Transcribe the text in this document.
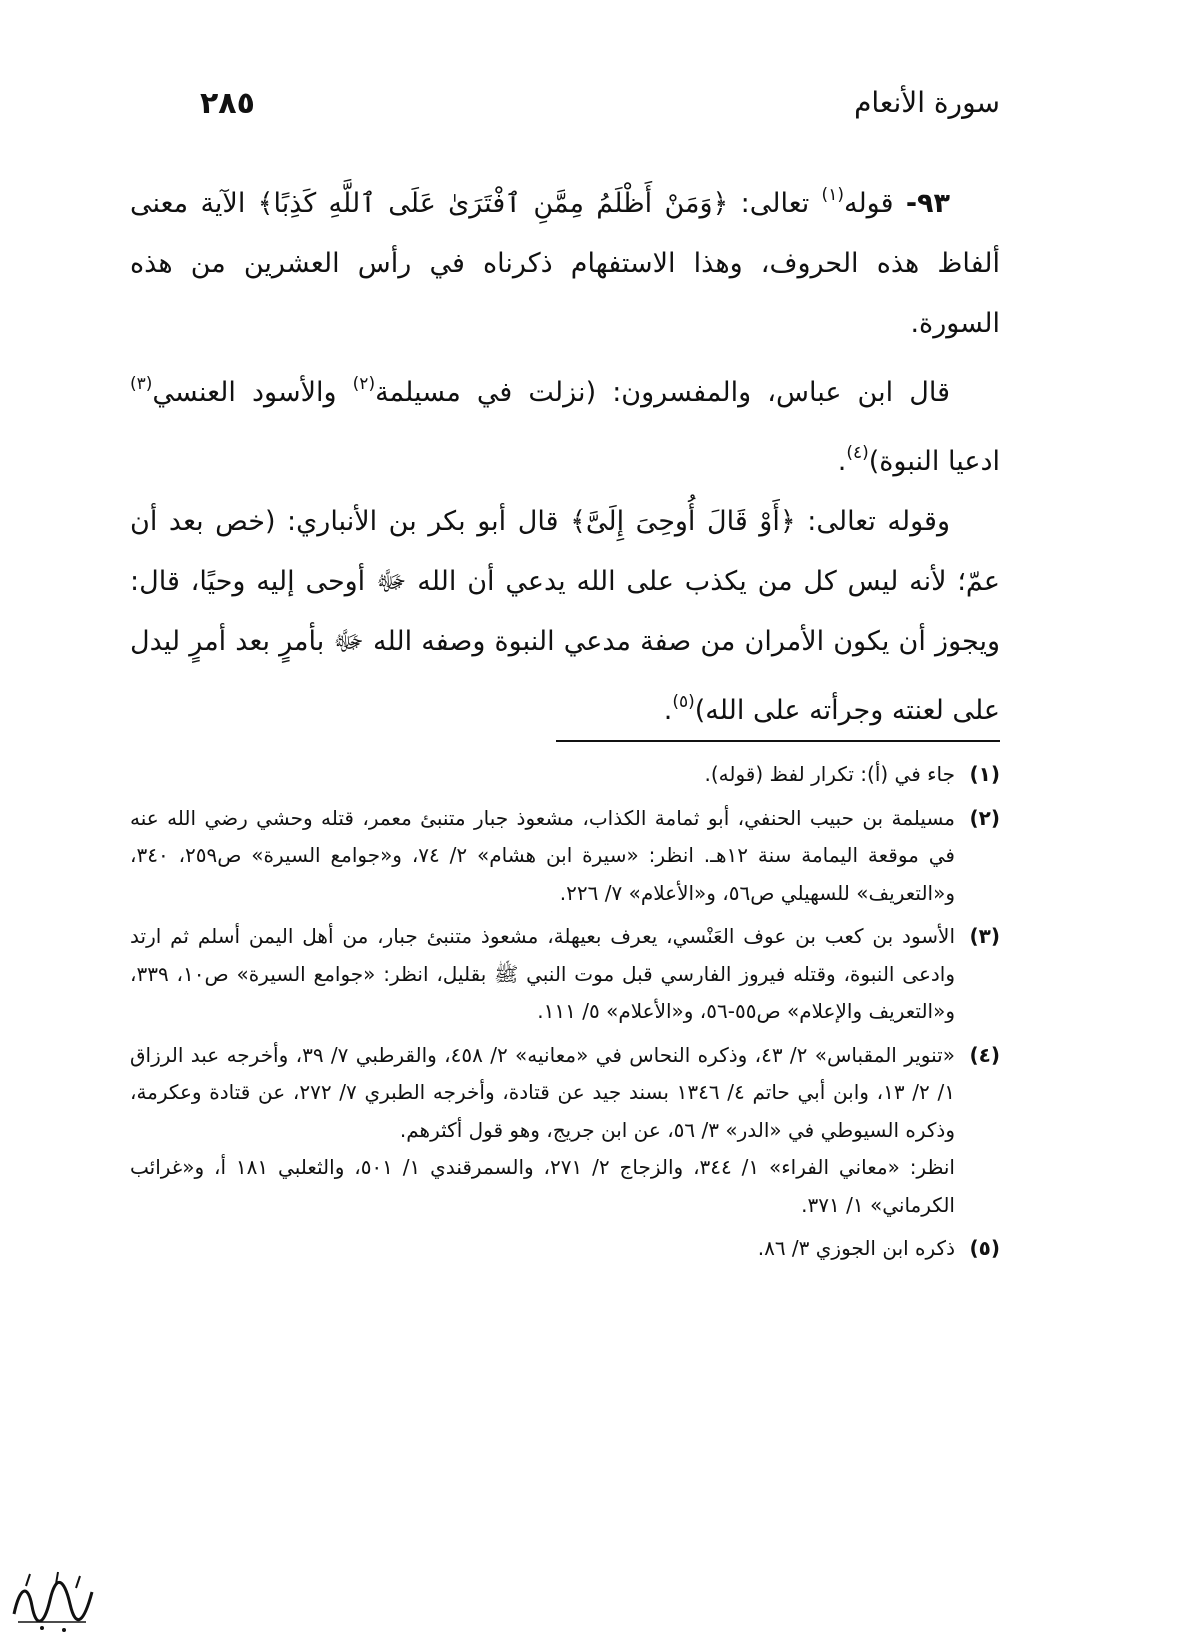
٢٨٥	سورة الأنعام

٩٣- قوله$^{(١)}$ تعالى: ﴿وَمَنْ أَظْلَمُ مِمَّنِ ٱفْتَرَىٰ عَلَى ٱللَّهِ كَذِبًا﴾ الآية معنى ألفاظ هذه الحروف، وهذا الاستفهام ذكرناه في رأس العشرين من هذه السورة.

قال ابن عباس، والمفسرون: (نزلت في مسيلمة$^{(٢)}$ والأسود العنسي$^{(٣)}$ ادعيا النبوة)$^{(٤)}$.

وقوله تعالى: ﴿أَوْ قَالَ أُوحِىَ إِلَىَّ﴾ قال أبو بكر بن الأنباري: (خص بعد أن عمّ؛ لأنه ليس كل من يكذب على الله يدعي أن الله ﷻ أوحى إليه وحيًا، قال: ويجوز أن يكون الأمران من صفة مدعي النبوة وصفه الله ﷻ بأمرٍ بعد أمرٍ ليدل على لعنته وجرأته على الله)$^{(٥)}$.

(١)

جاء في (أ): تكرار لفظ (قوله).

(٢)

مسيلمة بن حبيب الحنفي، أبو ثمامة الكذاب، مشعوذ جبار متنبئ معمر، قتله وحشي رضي الله عنه في موقعة اليمامة سنة ١٢هـ. انظر: «سيرة ابن هشام» ٢/ ٧٤، و«جوامع السيرة» ص٢٥٩، ٣٤٠، و«التعريف» للسهيلي ص٥٦، و«الأعلام» ٧/ ٢٢٦.

(٣)

الأسود بن كعب بن عوف العَنْسي، يعرف بعيهلة، مشعوذ متنبئ جبار، من أهل اليمن أسلم ثم ارتد وادعى النبوة، وقتله فيروز الفارسي قبل موت النبي ﷺ بقليل، انظر: «جوامع السيرة» ص١٠، ٣٣٩، و«التعريف والإعلام» ص٥٥-٥٦، و«الأعلام» ٥/ ١١١.

(٤)

«تنوير المقباس» ٢/ ٤٣، وذكره النحاس في «معانيه» ٢/ ٤٥٨، والقرطبي ٧/ ٣٩، وأخرجه عبد الرزاق ١/ ٢/ ١٣، وابن أبي حاتم ٤/ ١٣٤٦ بسند جيد عن قتادة، وأخرجه الطبري ٧/ ٢٧٢، عن قتادة وعكرمة، وذكره السيوطي في «الدر» ٣/ ٥٦، عن ابن جريج، وهو قول أكثرهم.

انظر: «معاني الفراء» ١/ ٣٤٤، والزجاج ٢/ ٢٧١، والسمرقندي ١/ ٥٠١، والثعلبي ١٨١ أ، و«غرائب الكرماني» ١/ ٣٧١.

(٥)

ذكره ابن الجوزي ٣/ ٨٦.
